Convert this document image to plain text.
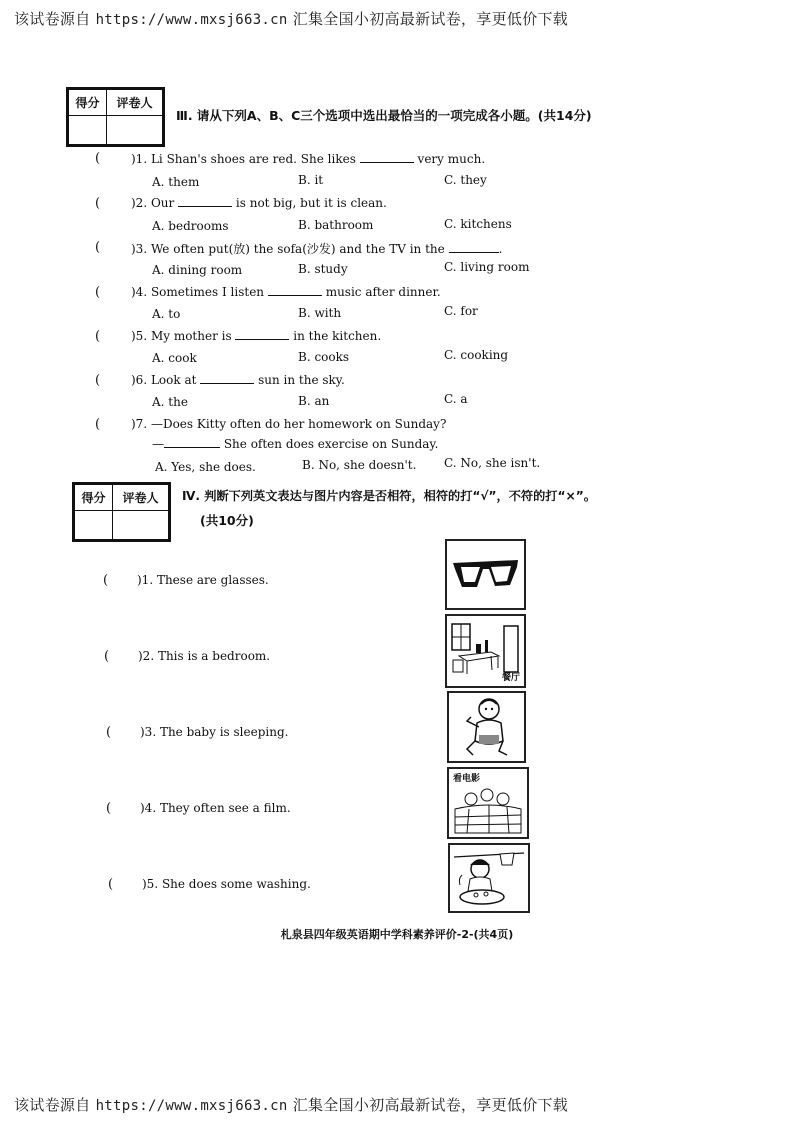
该试卷源自 https://www.mxsj663.cn 汇集全国小初高最新试卷，享更低价下载
得分	评卷人

Ⅲ. 请从下列A、B、C三个选项中选出最恰当的一项完成各小题。(共14分)
(	)1. Li Shan's shoes are red. She likes	very much.
A. them	B. it	C. they
(	)2. Our	is not big, but it is clean.
A. bedrooms	B. bathroom	C. kitchens
(	)3. We often put(放) the sofa(沙发) and the TV in the	.
A. dining room	B. study	C. living room
(	)4. Sometimes I listen	music after dinner.
A. to	B. with	C. for
(	)5. My mother is	in the kitchen.
A. cook	B. cooks	C. cooking
(	)6. Look at	sun in the sky.
A. the	B. an	C. a
(	)7. —Does Kitty often do her homework on Sunday?
—	She often does exercise on Sunday.
A. Yes, she does.	B. No, she doesn't. C. No, she isn't.
得分	评卷人
	Ⅳ. 判断下列英文表达与图片内容是否相符，相符的打“√”，不符的打“×”。
(共10分)
( )1. These are glasses.
( )2. This is a bedroom.
( )3. The baby is sleeping.
( )4. They often see a film.
( )5. She does some washing.
餐厅
看电影
札泉县四年级英语期中学科素养评价-2-(共4页)
该试卷源自 https://www.mxsj663.cn 汇集全国小初高最新试卷，享更低价下载
